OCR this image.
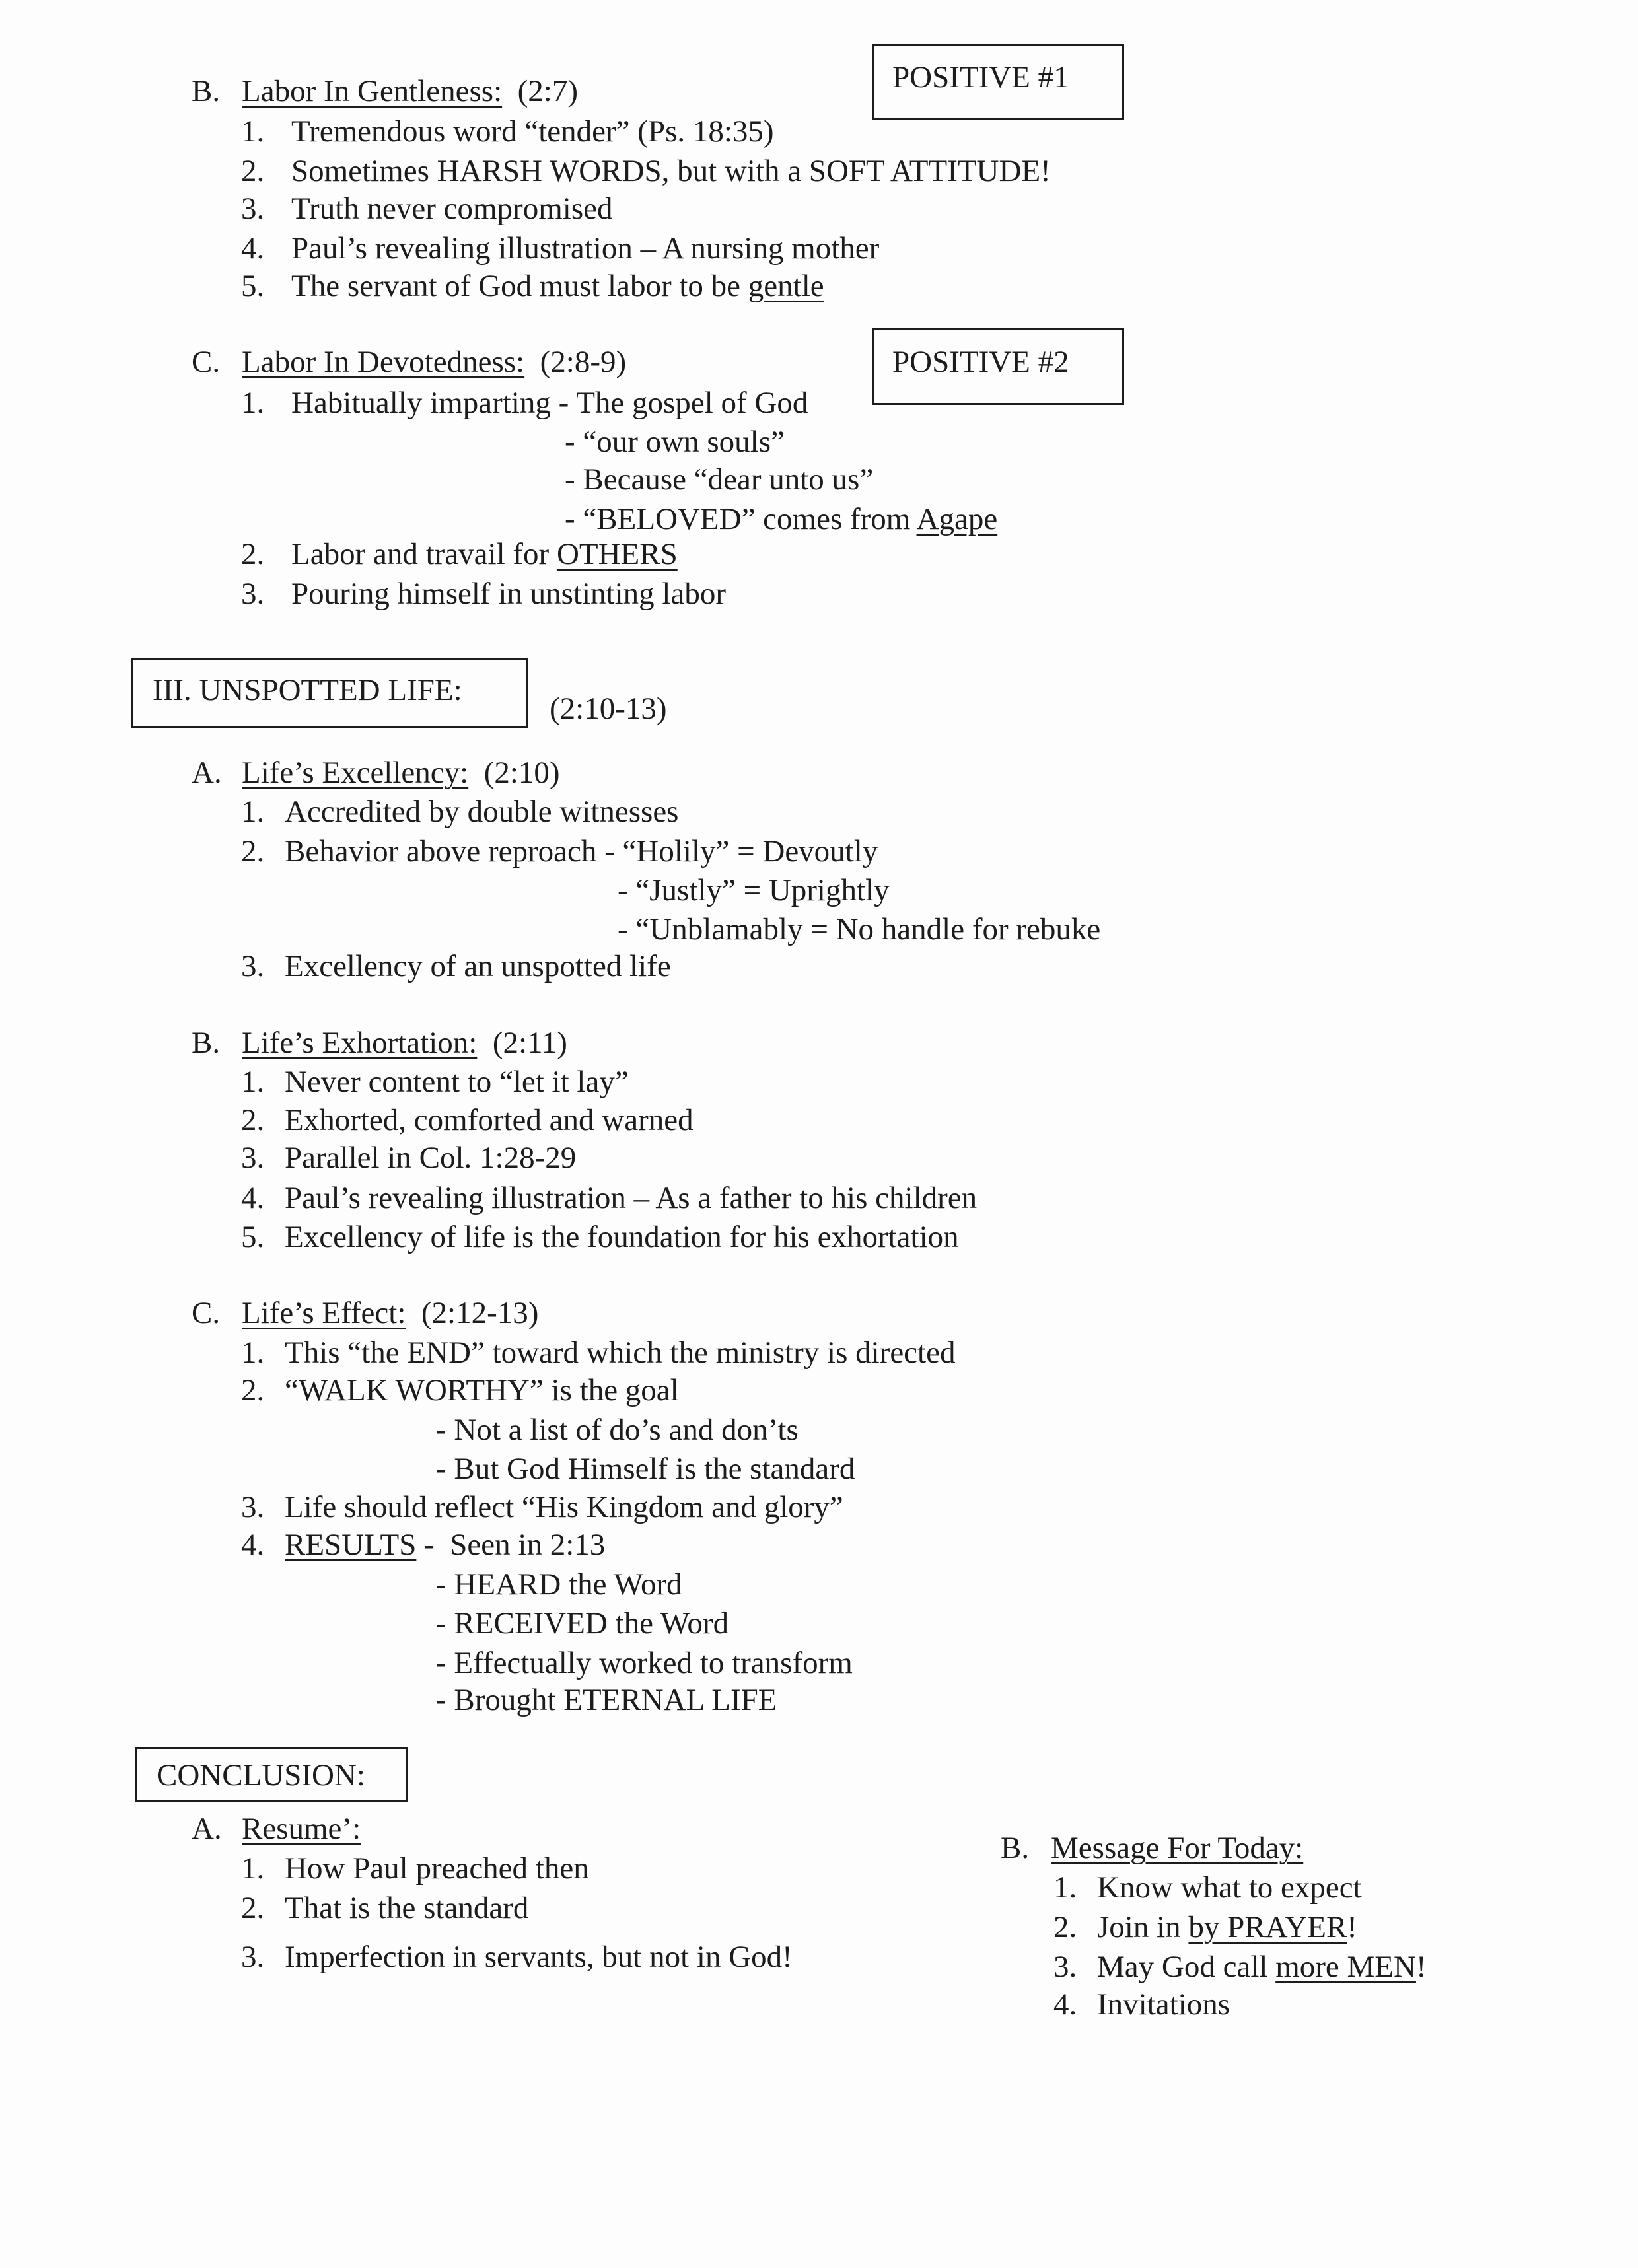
B. Labor In Gentleness: (2:7)	POSITIVE #1
1. Tremendous word “tender” (Ps. 18:35)
2. Sometimes HARSH WORDS, but with a SOFT ATTITUDE!
3. Truth never compromised
4. Paul’s revealing illustration – A nursing mother
5. The servant of God must labor to be gentle
C. Labor In Devotedness: (2:8-9)	POSITIVE #2
1. Habitually imparting - The gospel of God
- “our own souls”
- Because “dear unto us”
- “BELOVED” comes from Agape
2. Labor and travail for OTHERS
3. Pouring himself in unstinting labor
III. UNSPOTTED LIFE:
(2:10-13)
A. Life’s Excellency: (2:10)
1. Accredited by double witnesses
2. Behavior above reproach - “Holily” = Devoutly
- “Justly” = Uprightly
- “Unblamably = No handle for rebuke
3. Excellency of an unspotted life
B. Life’s Exhortation: (2:11)
1. Never content to “let it lay”
2. Exhorted, comforted and warned
3. Parallel in Col. 1:28-29
4. Paul’s revealing illustration – As a father to his children
5. Excellency of life is the foundation for his exhortation
C. Life’s Effect: (2:12-13)
1. This “the END” toward which the ministry is directed
2. “WALK WORTHY” is the goal
- Not a list of do’s and don’ts
- But God Himself is the standard
3. Life should reflect “His Kingdom and glory”
4. RESULTS -  Seen in 2:13
- HEARD the Word
- RECEIVED the Word
- Effectually worked to transform
- Brought ETERNAL LIFE
CONCLUSION:
A. Resume’:
1. How Paul preached then
2. That is the standard
3. Imperfection in servants, but not in God!
B. Message For Today:
1. Know what to expect
2. Join in by PRAYER!
3. May God call more MEN!
4. Invitations
